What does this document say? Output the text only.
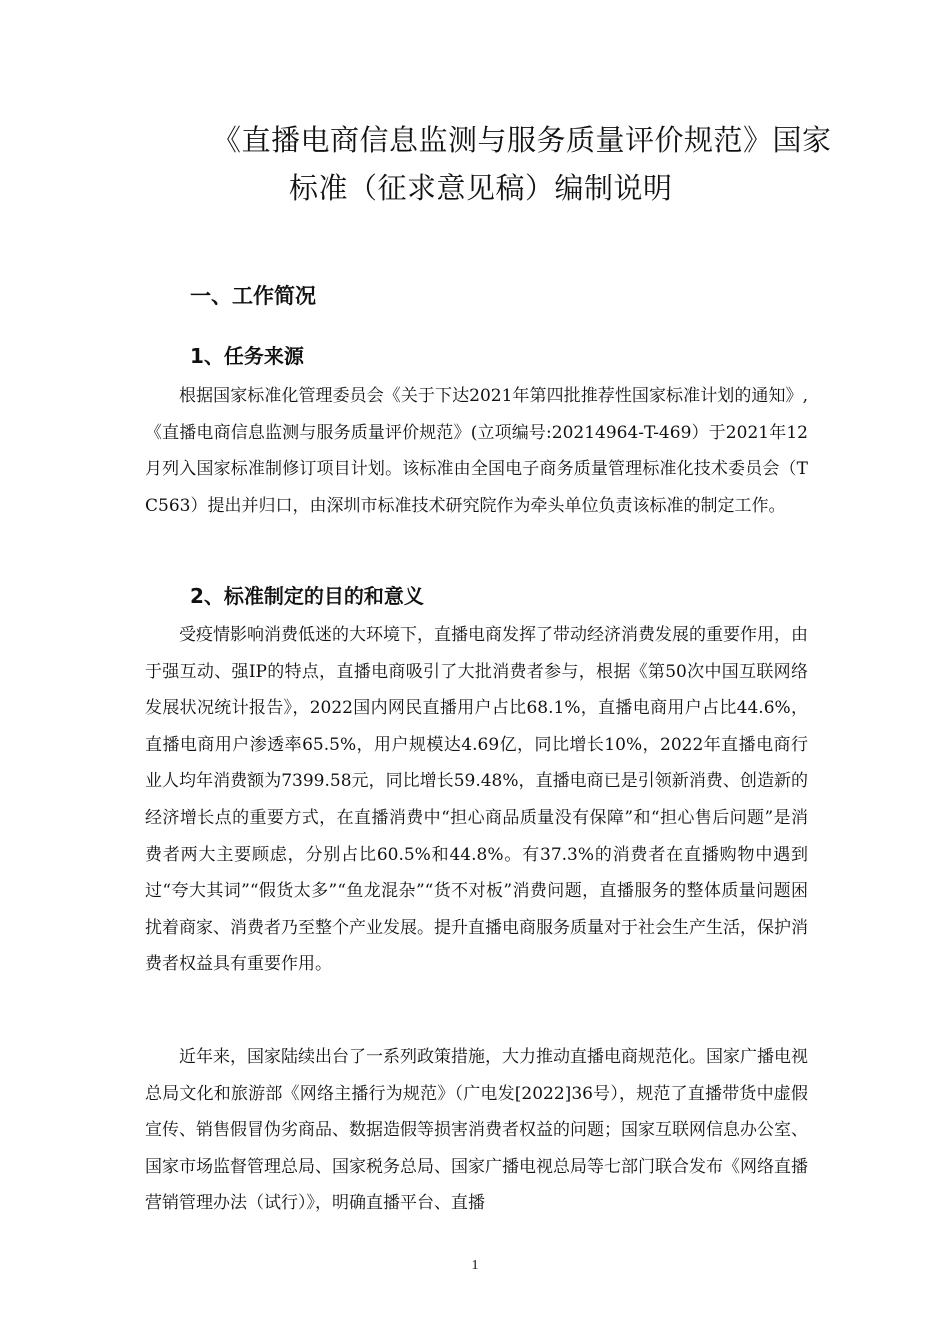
《直播电商信息监测与服务质量评价规范》国家
标准（征求意见稿）编制说明
一、工作简况
1、任务来源

根据国家标准化管理委员会《关于下达2021年第四批推荐性国家标准计划的通知》,《直播电商信息监测与服务质量评价规范》(立项编号:20214964-T-469）于2021年12月列入国家标准制修订项目计划。该标准由全国电子商务质量管理标准化技术委员会（TC563）提出并归口，由深圳市标准技术研究院作为牵头单位负责该标准的制定工作。

2、标准制定的目的和意义

受疫情影响消费低迷的大环境下，直播电商发挥了带动经济消费发展的重要作用，由于强互动、强IP的特点，直播电商吸引了大批消费者参与，根据《第50次中国互联网络发展状况统计报告》，2022国内网民直播用户占比68.1%，直播电商用户占比44.6%，直播电商用户渗透率65.5%，用户规模达4.69亿，同比增长10%，2022年直播电商行业人均年消费额为7399.58元，同比增长59.48%，直播电商已是引领新消费、创造新的经济增长点的重要方式，在直播消费中“担心商品质量没有保障”和“担心售后问题”是消费者两大主要顾虑，分别占比60.5%和44.8%。有37.3%的消费者在直播购物中遇到过“夸大其词”“假货太多”“鱼龙混杂”“货不对板”消费问题，直播服务的整体质量问题困扰着商家、消费者乃至整个产业发展。提升直播电商服务质量对于社会生产生活，保护消费者权益具有重要作用。

近年来，国家陆续出台了一系列政策措施，大力推动直播电商规范化。国家广播电视总局文化和旅游部《网络主播行为规范》（广电发[2022]36号），规范了直播带货中虚假宣传、销售假冒伪劣商品、数据造假等损害消费者权益的问题；国家互联网信息办公室、国家市场监督管理总局、国家税务总局、国家广播电视总局等七部门联合发布《网络直播营销管理办法（试行）》，明确直播平台、直播

1
